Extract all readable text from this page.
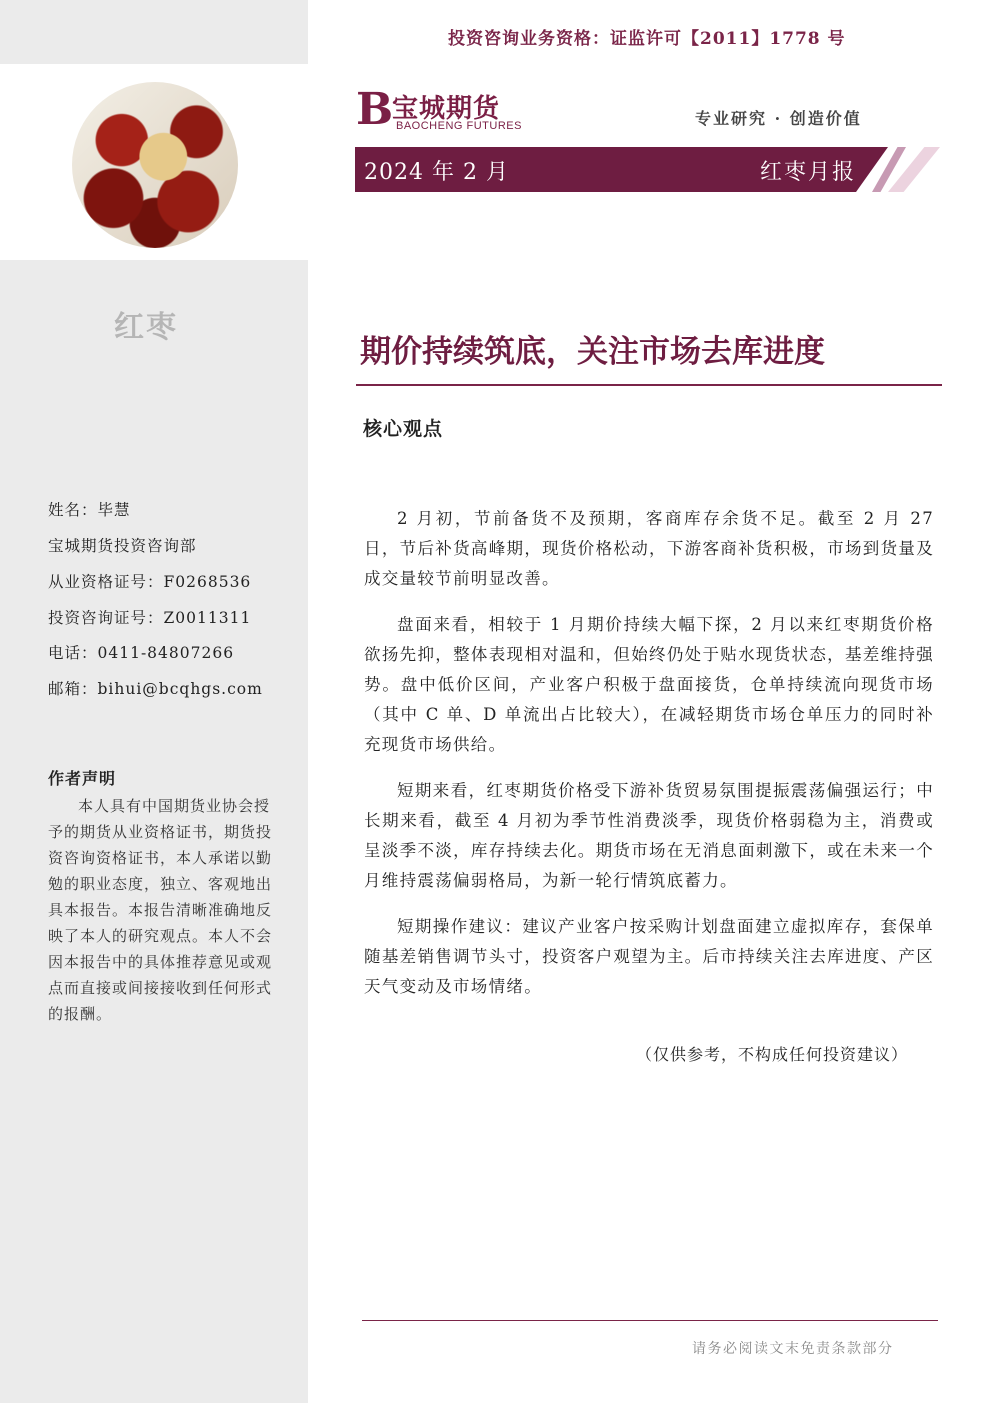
红枣
姓名：毕慧
宝城期货投资咨询部
从业资格证号：F0268536
投资咨询证号：Z0011311
电话：0411-84807266
邮箱：bihui@bcqhgs.com
作者声明
本人具有中国期货业协会授予的期货从业资格证书，期货投资咨询资格证书，本人承诺以勤勉的职业态度，独立、客观地出具本报告。本报告清晰准确地反映了本人的研究观点。本人不会因本报告中的具体推荐意见或观点而直接或间接接收到任何形式的报酬。
投资咨询业务资格：证监许可【2011】1778 号
B
宝城期货
BAOCHENG FUTURES	专业研究 · 创造价值
2024 年 2 月	红枣月报
期价持续筑底，关注市场去库进度
核心观点

2 月初，节前备货不及预期，客商库存余货不足。截至 2 月 27 日，节后补货高峰期，现货价格松动，下游客商补货积极，市场到货量及成交量较节前明显改善。

盘面来看，相较于 1 月期价持续大幅下探，2 月以来红枣期货价格欲扬先抑，整体表现相对温和，但始终仍处于贴水现货状态，基差维持强势。盘中低价区间，产业客户积极于盘面接货，仓单持续流向现货市场（其中 C 单、D 单流出占比较大），在减轻期货市场仓单压力的同时补充现货市场供给。

短期来看，红枣期货价格受下游补货贸易氛围提振震荡偏强运行；中长期来看，截至 4 月初为季节性消费淡季，现货价格弱稳为主，消费或呈淡季不淡，库存持续去化。期货市场在无消息面刺激下，或在未来一个月维持震荡偏弱格局，为新一轮行情筑底蓄力。

短期操作建议：建议产业客户按采购计划盘面建立虚拟库存，套保单随基差销售调节头寸，投资客户观望为主。后市持续关注去库进度、产区天气变动及市场情绪。

（仅供参考，不构成任何投资建议）
请务必阅读文末免责条款部分
